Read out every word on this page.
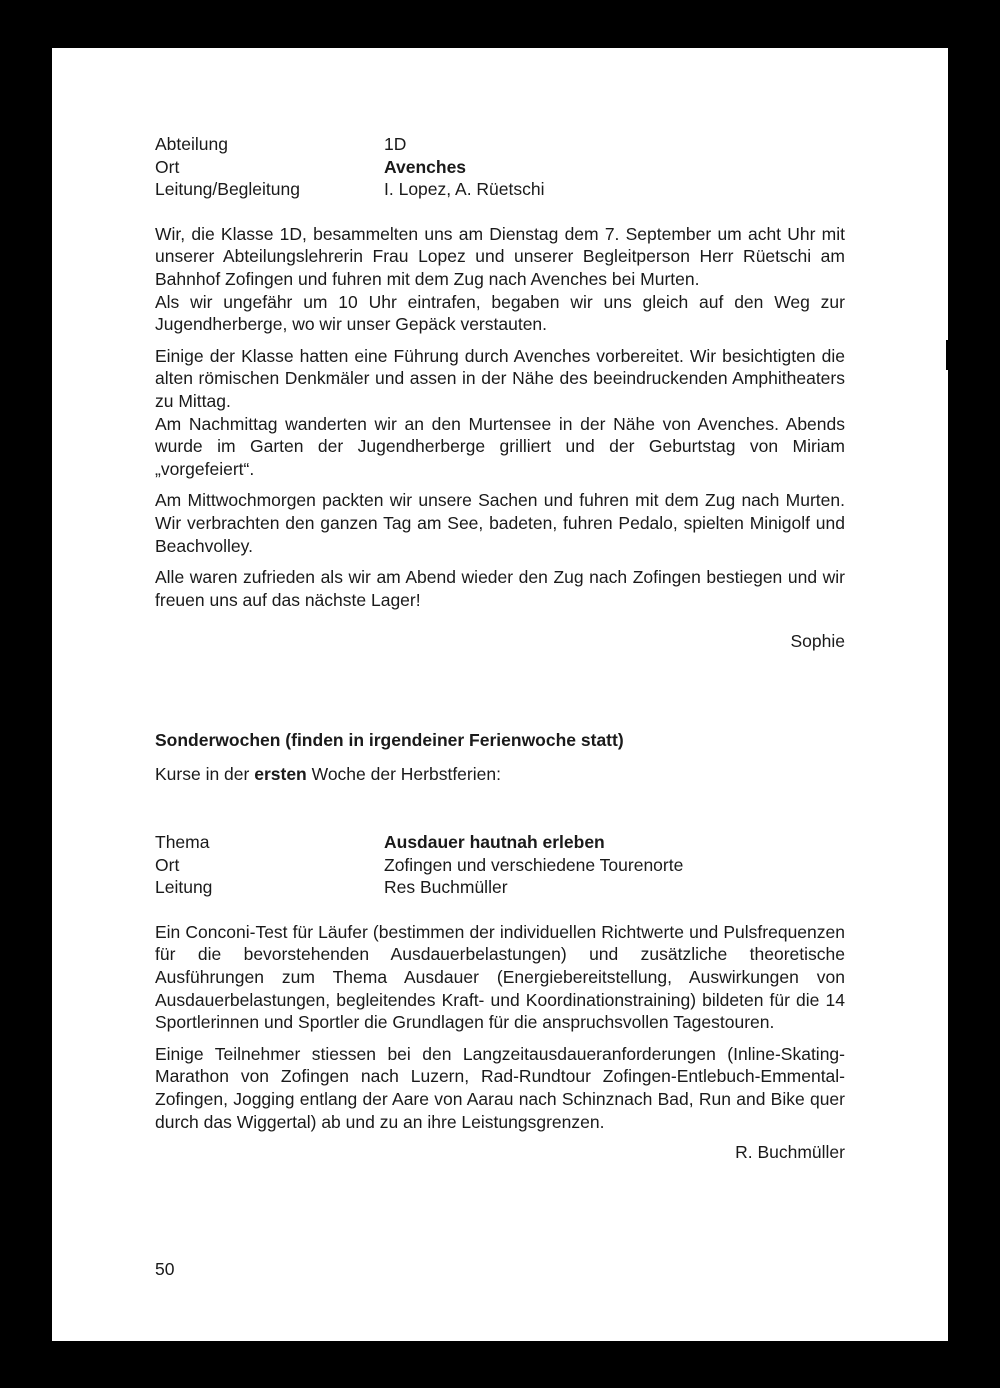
Abteilung	1D
Ort	Avenches
Leitung/Begleitung	I. Lopez, A. Rüetschi

Wir, die Klasse 1D, besammelten uns am Dienstag dem 7. September um acht Uhr mit unserer Abteilungslehrerin Frau Lopez und unserer Begleitperson Herr Rüetschi am Bahnhof Zofingen und fuhren mit dem Zug nach Avenches bei Murten.

Als wir ungefähr um 10 Uhr eintrafen, begaben wir uns gleich auf den Weg zur Jugendherberge, wo wir unser Gepäck verstauten.

Einige der Klasse hatten eine Führung durch Avenches vorbereitet. Wir besichtigten die alten römischen Denkmäler und assen in der Nähe des beeindruckenden Amphitheaters zu Mittag.

Am Nachmittag wanderten wir an den Murtensee in der Nähe von Avenches. Abends wurde im Garten der Jugendherberge grilliert und der Geburtstag von Miriam „vorgefeiert“.

Am Mittwochmorgen packten wir unsere Sachen und fuhren mit dem Zug nach Murten. Wir verbrachten den ganzen Tag am See, badeten, fuhren Pedalo, spielten Minigolf und Beachvolley.

Alle waren zufrieden als wir am Abend wieder den Zug nach Zofingen bestiegen und wir freuen uns auf das nächste Lager!

Sophie
Sonderwochen (finden in irgendeiner Ferienwoche statt)
Kurse in der ersten Woche der Herbstferien:
Thema	Ausdauer hautnah erleben
Ort	Zofingen und verschiedene Tourenorte
Leitung	Res Buchmüller

Ein Conconi-Test für Läufer (bestimmen der individuellen Richtwerte und Pulsfrequenzen für die bevorstehenden Ausdauerbelastungen) und zusätzliche theoretische Ausführungen zum Thema Ausdauer (Energiebereitstellung, Auswirkungen von Ausdauerbelastungen, begleitendes Kraft- und Koordinationstraining) bildeten für die 14 Sportlerinnen und Sportler die Grundlagen für die anspruchsvollen Tagestouren.

Einige Teilnehmer stiessen bei den Langzeitausdaueranforderungen (Inline-Skating-Marathon von Zofingen nach Luzern, Rad-Rundtour Zofingen-Entlebuch-Emmental-Zofingen, Jogging entlang der Aare von Aarau nach Schinznach Bad, Run and Bike quer durch das Wiggertal) ab und zu an ihre Leistungsgrenzen.

R. Buchmüller
50
